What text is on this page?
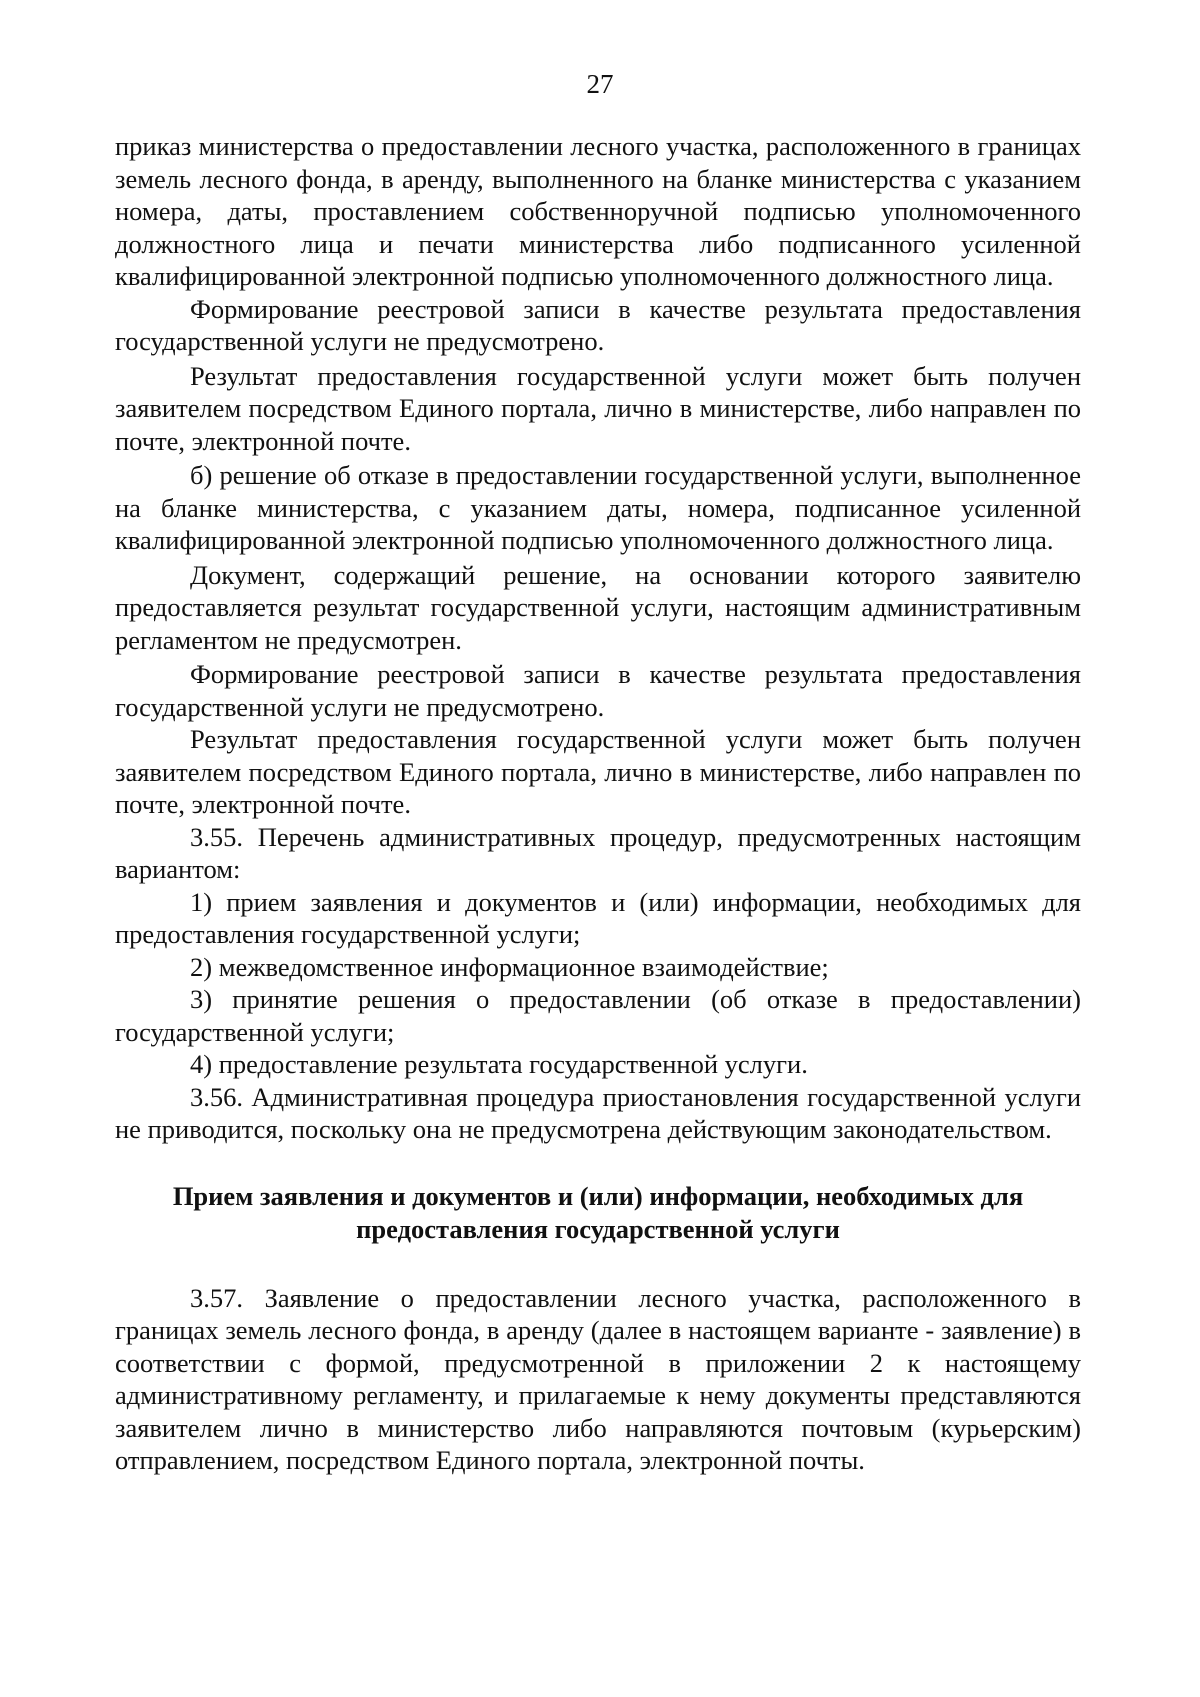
27

приказ министерства о предоставлении лесного участка, расположенного в границах земель лесного фонда, в аренду, выполненного на бланке министерства с указанием номера, даты, проставлением собственноручной подписью уполномоченного должностного лица и печати министерства либо подписанного усиленной квалифицированной электронной подписью уполномоченного должностного лица.

Формирование реестровой записи в качестве результата предоставления государственной услуги не предусмотрено.

Результат предоставления государственной услуги может быть получен заявителем посредством Единого портала, лично в министерстве, либо направлен по почте, электронной почте.

б) решение об отказе в предоставлении государственной услуги, выполненное на бланке министерства, с указанием даты, номера, подписанное усиленной квалифицированной электронной подписью уполномоченного должностного лица.

Документ, содержащий решение, на основании которого заявителю предоставляется результат государственной услуги, настоящим административным регламентом не предусмотрен.

Формирование реестровой записи в качестве результата предоставления государственной услуги не предусмотрено.

Результат предоставления государственной услуги может быть получен заявителем посредством Единого портала, лично в министерстве, либо направлен по почте, электронной почте.

3.55. Перечень административных процедур, предусмотренных настоящим вариантом:

1) прием заявления и документов и (или) информации, необходимых для предоставления государственной услуги;

2) межведомственное информационное взаимодействие;

3) принятие решения о предоставлении (об отказе в предоставлении) государственной услуги;

4) предоставление результата государственной услуги.

3.56. Административная процедура приостановления государственной услуги не приводится, поскольку она не предусмотрена действующим законодательством.

Прием заявления и документов и (или) информации, необходимых для предоставления государственной услуги

3.57. Заявление о предоставлении лесного участка, расположенного в границах земель лесного фонда, в аренду (далее в настоящем варианте - заявление) в соответствии с формой, предусмотренной в приложении 2 к настоящему административному регламенту, и прилагаемые к нему документы представляются заявителем лично в министерство либо направляются почтовым (курьерским) отправлением, посредством Единого портала, электронной почты.
